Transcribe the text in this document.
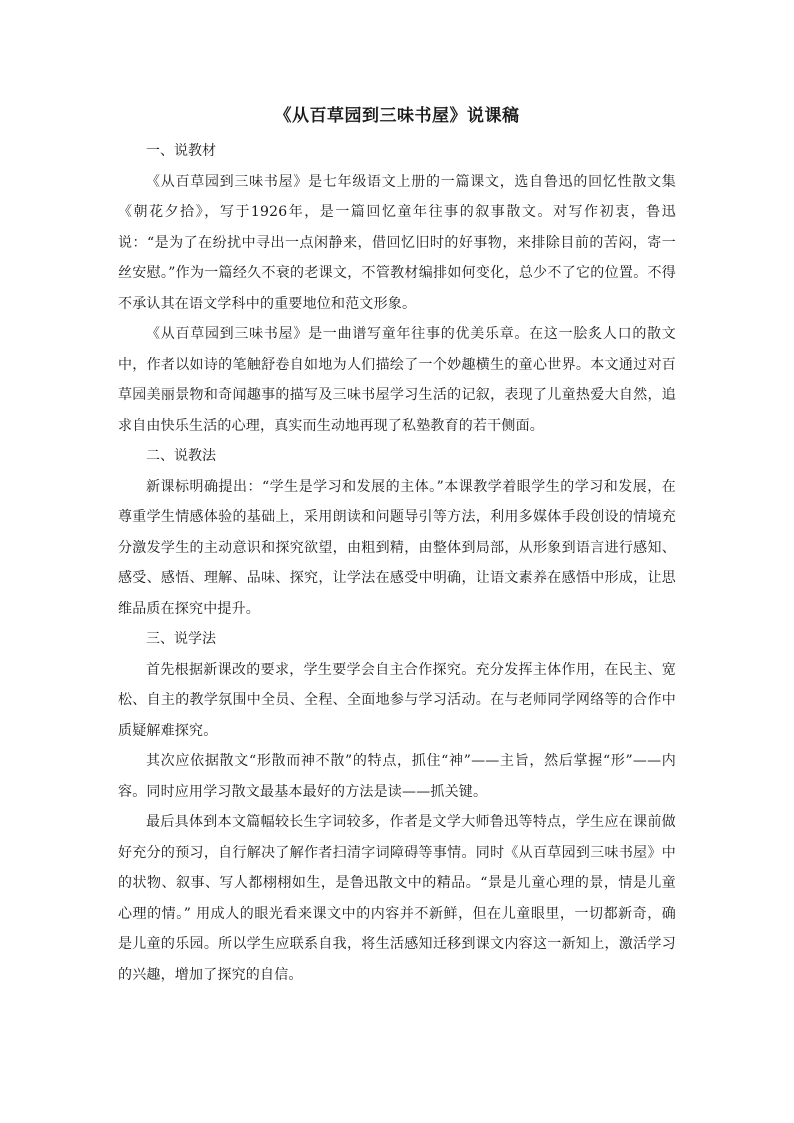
《从百草园到三味书屋》说课稿

一、说教材

《从百草园到三味书屋》是七年级语文上册的一篇课文，选自鲁迅的回忆性散文集《朝花夕拾》，写于1926年，是一篇回忆童年往事的叙事散文。对写作初衷，鲁迅说：“是为了在纷扰中寻出一点闲静来，借回忆旧时的好事物，来排除目前的苦闷，寄一丝安慰。”作为一篇经久不衰的老课文，不管教材编排如何变化，总少不了它的位置。不得不承认其在语文学科中的重要地位和范文形象。

《从百草园到三味书屋》是一曲谱写童年往事的优美乐章。在这一脍炙人口的散文中，作者以如诗的笔触舒卷自如地为人们描绘了一个妙趣横生的童心世界。本文通过对百草园美丽景物和奇闻趣事的描写及三味书屋学习生活的记叙，表现了儿童热爱大自然，追求自由快乐生活的心理，真实而生动地再现了私塾教育的若干侧面。

二、说教法

新课标明确提出：“学生是学习和发展的主体。”本课教学着眼学生的学习和发展，在尊重学生情感体验的基础上，采用朗读和问题导引等方法，利用多媒体手段创设的情境充分激发学生的主动意识和探究欲望，由粗到精，由整体到局部，从形象到语言进行感知、感受、感悟、理解、品味、探究，让学法在感受中明确，让语文素养在感悟中形成，让思维品质在探究中提升。

三、说学法

首先根据新课改的要求，学生要学会自主合作探究。充分发挥主体作用，在民主、宽松、自主的教学氛围中全员、全程、全面地参与学习活动。在与老师同学网络等的合作中质疑解难探究。

其次应依据散文“形散而神不散”的特点，抓住“神”——主旨，然后掌握“形”——内容。同时应用学习散文最基本最好的方法是读——抓关键。

最后具体到本文篇幅较长生字词较多，作者是文学大师鲁迅等特点，学生应在课前做好充分的预习，自行解决了解作者扫清字词障碍等事情。同时《从百草园到三味书屋》中的状物、叙事、写人都栩栩如生，是鲁迅散文中的精品。“景是儿童心理的景，情是儿童心理的情。” 用成人的眼光看来课文中的内容并不新鲜，但在儿童眼里，一切都新奇，确是儿童的乐园。所以学生应联系自我，将生活感知迁移到课文内容这一新知上，激活学习的兴趣，增加了探究的自信。
